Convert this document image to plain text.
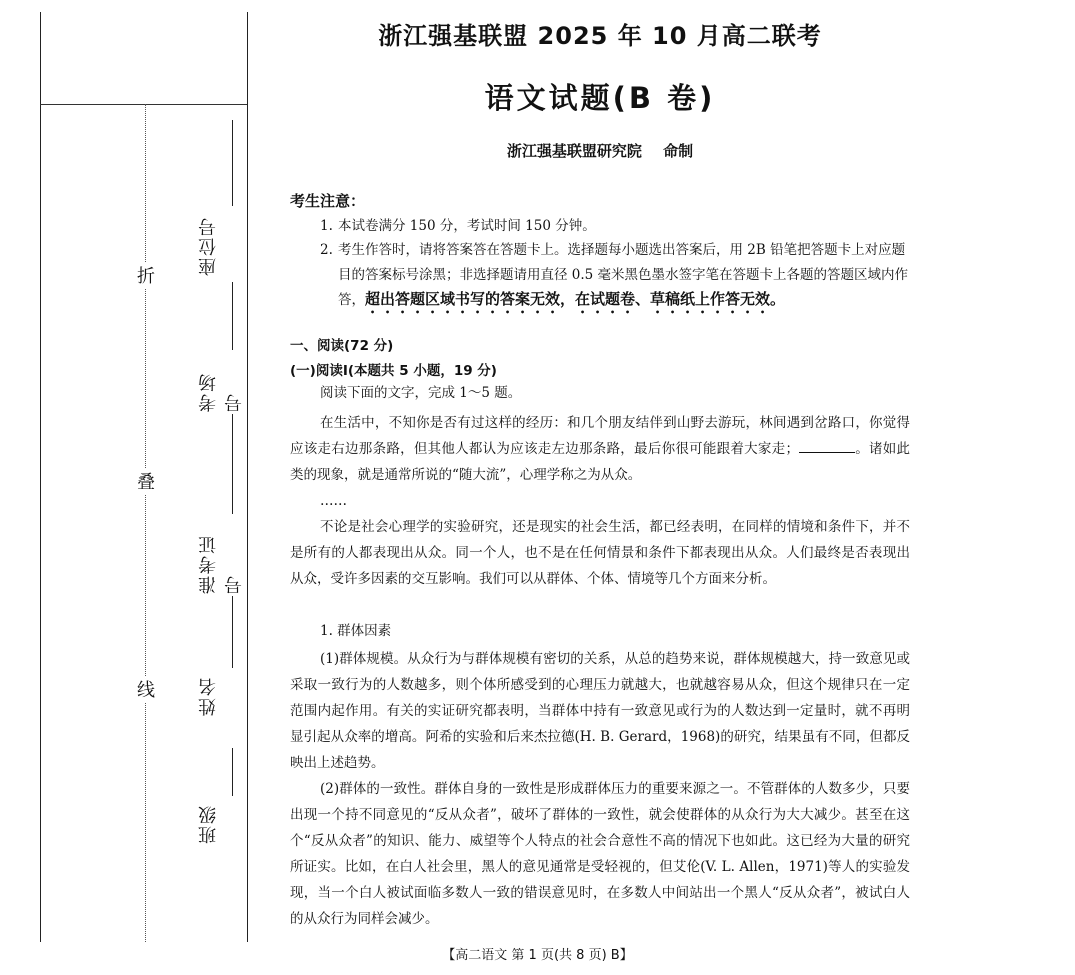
折
叠
线
座位号
考场号
准考证号
姓名
班级
浙江强基联盟 2025 年 10 月高二联考
语文试题(B 卷)
浙江强基联盟研究院 命制
考生注意：
1. 本试卷满分 150 分，考试时间 150 分钟。
2. 考生作答时，请将答案答在答题卡上。选择题每小题选出答案后，用 2B 铅笔把答题卡上对应题目的答案标号涂黑；非选择题请用直径 0.5 毫米黑色墨水签字笔在答题卡上各题的答题区域内作答，超出答题区域书写的答案无效，在试题卷、草稿纸上作答无效。
一、阅读(72 分)
(一)阅读Ⅰ(本题共 5 小题，19 分)
阅读下面的文字，完成 1～5 题。
在生活中，不知你是否有过这样的经历：和几个朋友结伴到山野去游玩，林间遇到岔路口，你觉得应该走右边那条路，但其他人都认为应该走左边那条路，最后你很可能跟着大家走；	。诸如此类的现象，就是通常所说的“随大流”，心理学称之为从众。
……
不论是社会心理学的实验研究，还是现实的社会生活，都已经表明，在同样的情境和条件下，并不是所有的人都表现出从众。同一个人，也不是在任何情景和条件下都表现出从众。人们最终是否表现出从众，受许多因素的交互影响。我们可以从群体、个体、情境等几个方面来分析。
1. 群体因素
(1)群体规模。从众行为与群体规模有密切的关系，从总的趋势来说，群体规模越大，持一致意见或采取一致行为的人数越多，则个体所感受到的心理压力就越大，也就越容易从众，但这个规律只在一定范围内起作用。有关的实证研究都表明，当群体中持有一致意见或行为的人数达到一定量时，就不再明显引起从众率的增高。阿希的实验和后来杰拉德(H. B. Gerard，1968)的研究，结果虽有不同，但都反映出上述趋势。
(2)群体的一致性。群体自身的一致性是形成群体压力的重要来源之一。不管群体的人数多少，只要出现一个持不同意见的“反从众者”，破坏了群体的一致性，就会使群体的从众行为大大减少。甚至在这个“反从众者”的知识、能力、威望等个人特点的社会合意性不高的情况下也如此。这已经为大量的研究所证实。比如，在白人社会里，黑人的意见通常是受轻视的，但艾伦(V. L. Allen，1971)等人的实验发现，当一个白人被试面临多数人一致的错误意见时，在多数人中间站出一个黑人“反从众者”，被试白人的从众行为同样会减少。
【高二语文 第 1 页(共 8 页) B】
